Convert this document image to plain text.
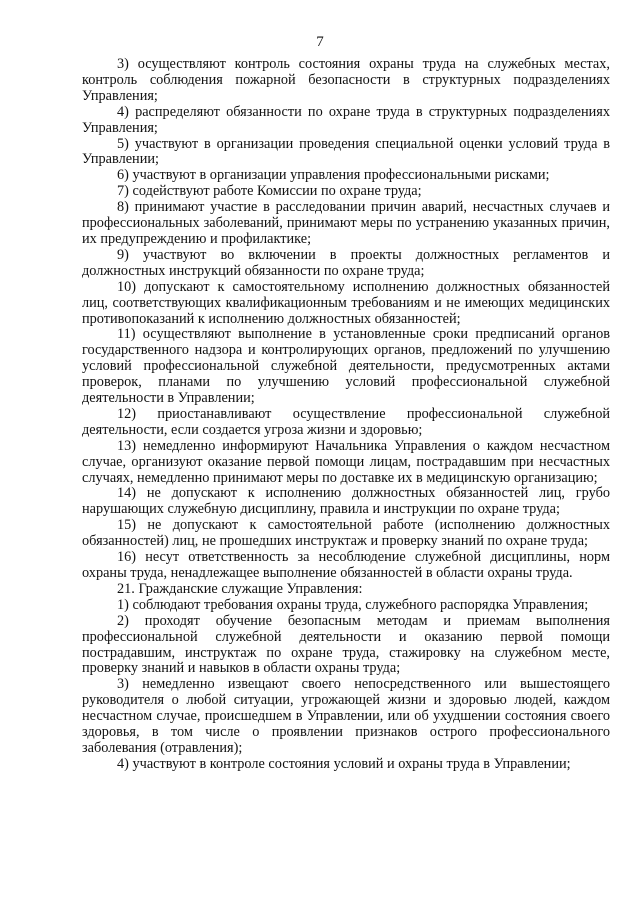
7

3) осуществляют контроль состояния охраны труда на служебных местах, контроль соблюдения пожарной безопасности в структурных подразделениях Управления;

4) распределяют обязанности по охране труда в структурных подразделениях Управления;

5) участвуют в организации проведения специальной оценки условий труда в Управлении;

6) участвуют в организации управления профессиональными рисками;

7) содействуют работе Комиссии по охране труда;

8) принимают участие в расследовании причин аварий, несчастных случаев и профессиональных заболеваний, принимают меры по устранению указанных причин, их предупреждению и профилактике;

9) участвуют во включении в проекты должностных регламентов и должностных инструкций обязанности по охране труда;

10) допускают к самостоятельному исполнению должностных обязанностей лиц, соответствующих квалификационным требованиям и не имеющих медицинских противопоказаний к исполнению должностных обязанностей;

11) осуществляют выполнение в установленные сроки предписаний органов государственного надзора и контролирующих органов, предложений по улучшению условий профессиональной служебной деятельности, предусмотренных актами проверок, планами по улучшению условий профессиональной служебной деятельности в Управлении;

12) приостанавливают осуществление профессиональной служебной деятельности, если создается угроза жизни и здоровью;

13) немедленно информируют Начальника Управления о каждом несчастном случае, организуют оказание первой помощи лицам, пострадавшим при несчастных случаях, немедленно принимают меры по доставке их в медицинскую организацию;

14) не допускают к исполнению должностных обязанностей лиц, грубо нарушающих служебную дисциплину, правила и инструкции по охране труда;

15) не допускают к самостоятельной работе (исполнению должностных обязанностей) лиц, не прошедших инструктаж и проверку знаний по охране труда;

16) несут ответственность за несоблюдение служебной дисциплины, норм охраны труда, ненадлежащее выполнение обязанностей в области охраны труда.

21. Гражданские служащие Управления:

1) соблюдают требования охраны труда, служебного распорядка Управления;

2) проходят обучение безопасным методам и приемам выполнения профессиональной служебной деятельности и оказанию первой помощи пострадавшим, инструктаж по охране труда, стажировку на служебном месте, проверку знаний и навыков в области охраны труда;

3) немедленно извещают своего непосредственного или вышестоящего руководителя о любой ситуации, угрожающей жизни и здоровью людей, каждом несчастном случае, происшедшем в Управлении, или об ухудшении состояния своего здоровья, в том числе о проявлении признаков острого профессионального заболевания (отравления);

4) участвуют в контроле состояния условий и охраны труда в Управлении;
